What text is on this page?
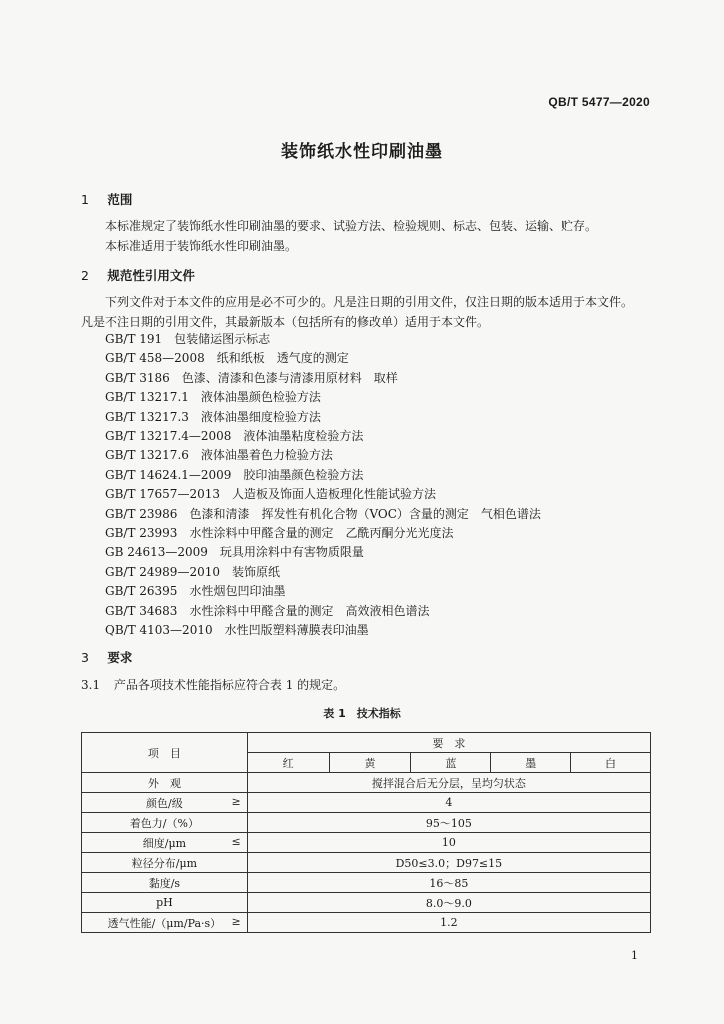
QB/T 5477—2020
装饰纸水性印刷油墨
1 范围
本标准规定了装饰纸水性印刷油墨的要求、试验方法、检验规则、标志、包装、运输、贮存。
本标准适用于装饰纸水性印刷油墨。
2 规范性引用文件
下列文件对于本文件的应用是必不可少的。凡是注日期的引用文件，仅注日期的版本适用于本文件。
凡是不注日期的引用文件，其最新版本（包括所有的修改单）适用于本文件。
GB/T 191　包装储运图示标志
GB/T 458—2008　纸和纸板　透气度的测定
GB/T 3186　色漆、清漆和色漆与清漆用原材料　取样
GB/T 13217.1　液体油墨颜色检验方法
GB/T 13217.3　液体油墨细度检验方法
GB/T 13217.4—2008　液体油墨粘度检验方法
GB/T 13217.6　液体油墨着色力检验方法
GB/T 14624.1—2009　胶印油墨颜色检验方法
GB/T 17657—2013　人造板及饰面人造板理化性能试验方法
GB/T 23986　色漆和清漆　挥发性有机化合物（VOC）含量的测定　气相色谱法
GB/T 23993　水性涂料中甲醛含量的测定　乙酰丙酮分光光度法
GB 24613—2009　玩具用涂料中有害物质限量
GB/T 24989—2010　装饰原纸
GB/T 26395　水性烟包凹印油墨
GB/T 34683　水性涂料中甲醛含量的测定　高效液相色谱法
QB/T 4103—2010　水性凹版塑料薄膜表印油墨
3 要求
3.1 产品各项技术性能指标应符合表 1 的规定。
表 1　技术指标
项　目	要　求				
	红	黄	蓝	墨	白
外　观	搅拌混合后无分层，呈均匀状态				
颜色/级 ≥	4				
着色力/（%）	95～105				
细度/μm ≤	10				
粒径分布/μm	D50≤3.0；D97≤15				
黏度/s	16～85				
pH	8.0～9.0				
透气性能/（μm/Pa·s） ≥	1.2				
1
